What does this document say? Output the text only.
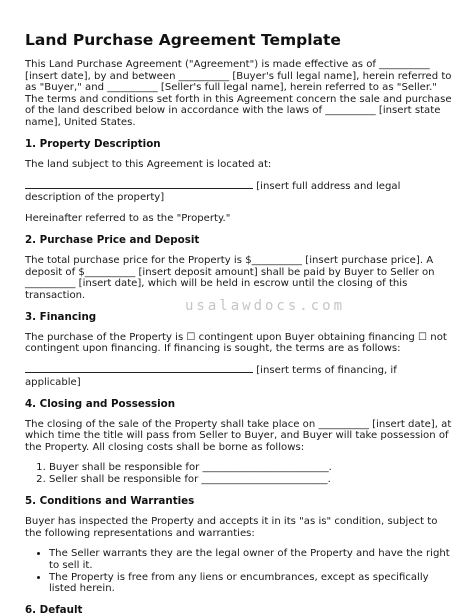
Land Purchase Agreement Template

This Land Purchase Agreement ("Agreement") is made effective as of __________ [insert date], by and between __________ [Buyer's full legal name], herein referred to as "Buyer," and __________ [Seller's full legal name], herein referred to as "Seller." The terms and conditions set forth in this Agreement concern the sale and purchase of the land described below in accordance with the laws of __________ [insert state name], United States.

1. Property Description

The land subject to this Agreement is located at:

[insert full address and legal description of the property]

Hereinafter referred to as the "Property."

2. Purchase Price and Deposit

The total purchase price for the Property is $__________ [insert purchase price]. A deposit of $__________ [insert deposit amount] shall be paid by Buyer to Seller on __________ [insert date], which will be held in escrow until the closing of this transaction.

3. Financing

The purchase of the Property is ☐ contingent upon Buyer obtaining financing ☐ not contingent upon financing. If financing is sought, the terms are as follows:

[insert terms of financing, if applicable]

4. Closing and Possession

The closing of the sale of the Property shall take place on __________ [insert date], at which time the title will pass from Seller to Buyer, and Buyer will take possession of the Property. All closing costs shall be borne as follows:

1. Buyer shall be responsible for _________________________.
2. Seller shall be responsible for _________________________.
5. Conditions and Warranties

Buyer has inspected the Property and accepts it in its "as is" condition, subject to the following representations and warranties:

• The Seller warrants they are the legal owner of the Property and have the right to sell it.
• The Property is free from any liens or encumbrances, except as specifically listed herein.
6. Default
usalawdocs.com
